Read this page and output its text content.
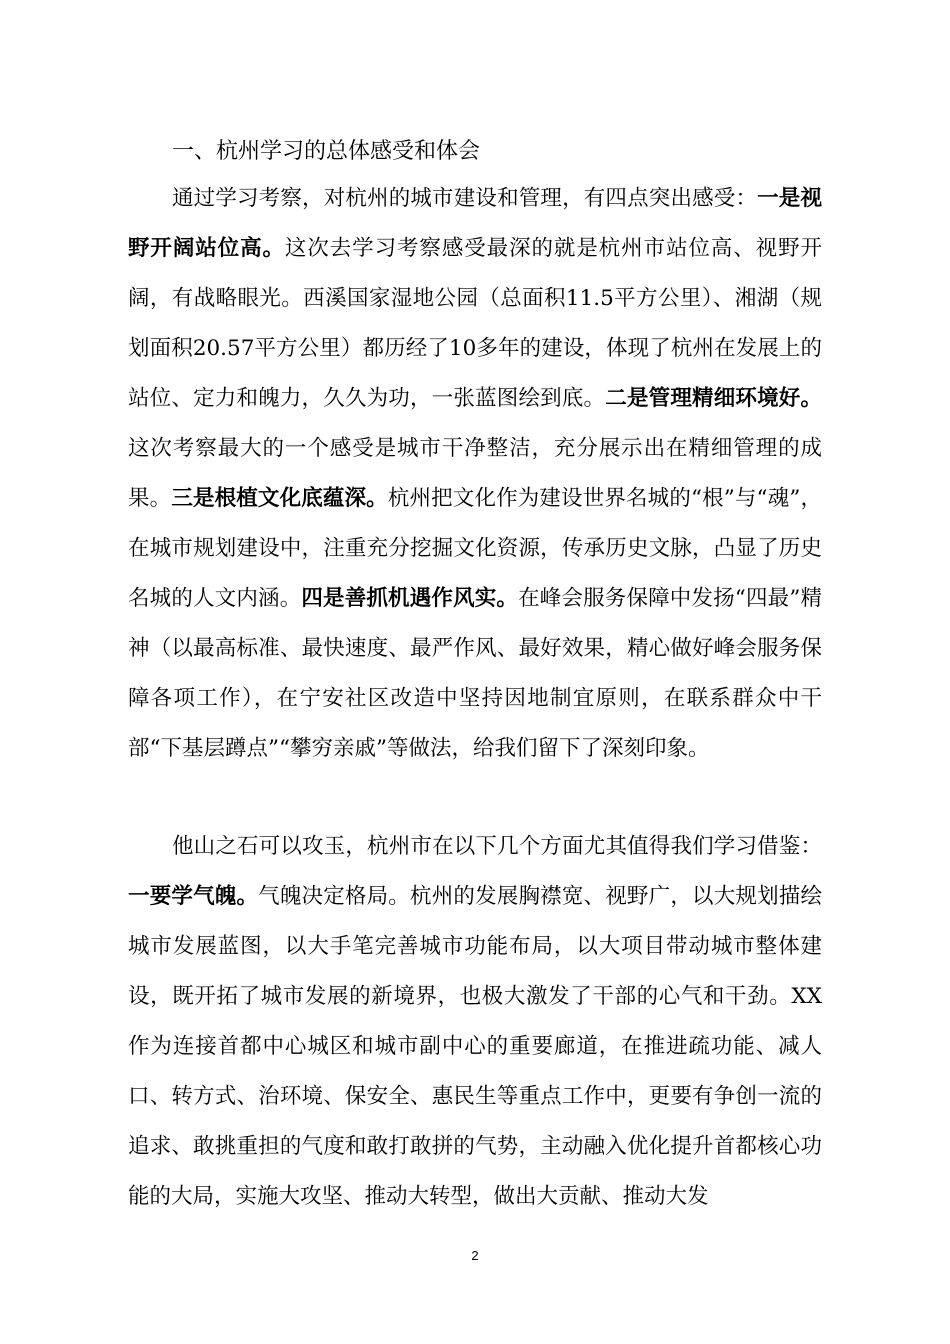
一、杭州学习的总体感受和体会

通过学习考察，对杭州的城市建设和管理，有四点突出感受：一是视野开阔站位高。这次去学习考察感受最深的就是杭州市站位高、视野开阔，有战略眼光。西溪国家湿地公园（总面积11.5平方公里）、湘湖（规划面积20.57平方公里）都历经了10多年的建设，体现了杭州在发展上的站位、定力和魄力，久久为功，一张蓝图绘到底。二是管理精细环境好。这次考察最大的一个感受是城市干净整洁，充分展示出在精细管理的成果。三是根植文化底蕴深。杭州把文化作为建设世界名城的“根”与“魂”，在城市规划建设中，注重充分挖掘文化资源，传承历史文脉，凸显了历史名城的人文内涵。四是善抓机遇作风实。在峰会服务保障中发扬“四最”精神（以最高标准、最快速度、最严作风、最好效果，精心做好峰会服务保障各项工作），在宁安社区改造中坚持因地制宜原则，在联系群众中干部“下基层蹲点”“攀穷亲戚”等做法，给我们留下了深刻印象。

他山之石可以攻玉，杭州市在以下几个方面尤其值得我们学习借鉴：一要学气魄。气魄决定格局。杭州的发展胸襟宽、视野广，以大规划描绘城市发展蓝图，以大手笔完善城市功能布局，以大项目带动城市整体建设，既开拓了城市发展的新境界，也极大激发了干部的心气和干劲。XX作为连接首都中心城区和城市副中心的重要廊道，在推进疏功能、减人口、转方式、治环境、保安全、惠民生等重点工作中，更要有争创一流的追求、敢挑重担的气度和敢打敢拼的气势，主动融入优化提升首都核心功能的大局，实施大攻坚、推动大转型，做出大贡献、推动大发

2
